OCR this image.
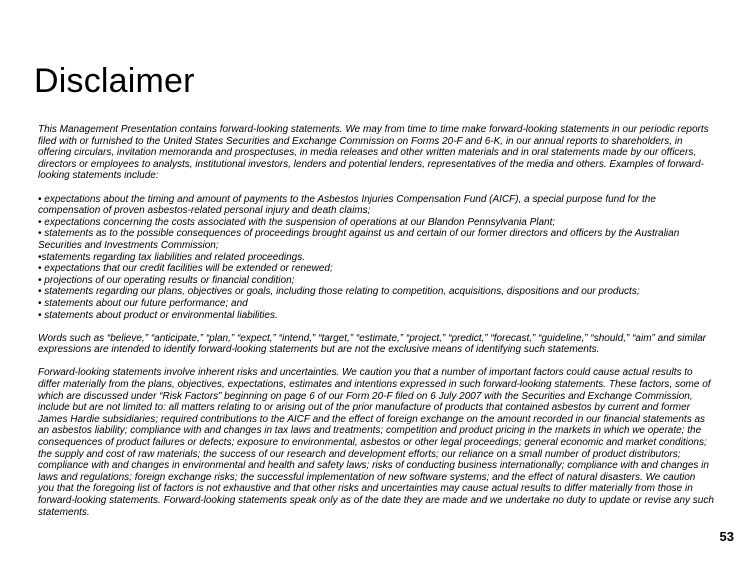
Disclaimer

This Management Presentation contains forward-looking statements. We may from time to time make forward-looking statements in our periodic reports filed with or furnished to the United States Securities and Exchange Commission on Forms 20-F and 6-K, in our annual reports to shareholders, in offering circulars, invitation memoranda and prospectuses, in media releases and other written materials and in oral statements made by our officers, directors or employees to analysts, institutional investors, lenders and potential lenders, representatives of the media and others. Examples of forward-looking statements include:

• expectations about the timing and amount of payments to the Asbestos Injuries Compensation Fund (AICF), a special purpose fund for the compensation of proven asbestos-related personal injury and death claims;
• expectations concerning the costs associated with the suspension of operations at our Blandon Pennsylvania Plant;
• statements as to the possible consequences of proceedings brought against us and certain of our former directors and officers by the Australian Securities and Investments Commission;
•statements regarding tax liabilities and related proceedings.
• expectations that our credit facilities will be extended or renewed;
• projections of our operating results or financial condition;
• statements regarding our plans, objectives or goals, including those relating to competition, acquisitions, dispositions and our products;
• statements about our future performance; and
• statements about product or environmental liabilities.

Words such as “believe,” “anticipate,” “plan,” “expect,” “intend,” “target,” “estimate,” “project,” “predict,” “forecast,” “guideline,” “should,” “aim” and similar expressions are intended to identify forward-looking statements but are not the exclusive means of identifying such statements.

Forward-looking statements involve inherent risks and uncertainties. We caution you that a number of important factors could cause actual results to differ materially from the plans, objectives, expectations, estimates and intentions expressed in such forward-looking statements. These factors, some of which are discussed under “Risk Factors” beginning on page 6 of our Form 20-F filed on 6 July 2007 with the Securities and Exchange Commission, include but are not limited to: all matters relating to or arising out of the prior manufacture of products that contained asbestos by current and former James Hardie subsidiaries; required contributions to the AICF and the effect of foreign exchange on the amount recorded in our financial statements as an asbestos liability; compliance with and changes in tax laws and treatments; competition and product pricing in the markets in which we operate; the consequences of product failures or defects; exposure to environmental, asbestos or other legal proceedings; general economic and market conditions; the supply and cost of raw materials; the success of our research and development efforts; our reliance on a small number of product distributors; compliance with and changes in environmental and health and safety laws; risks of conducting business internationally; compliance with and changes in laws and regulations; foreign exchange risks; the successful implementation of new software systems; and the effect of natural disasters. We caution you that the foregoing list of factors is not exhaustive and that other risks and uncertainties may cause actual results to differ materially from those in forward-looking statements. Forward-looking statements speak only as of the date they are made and we undertake no duty to update or revise any such statements.

53
